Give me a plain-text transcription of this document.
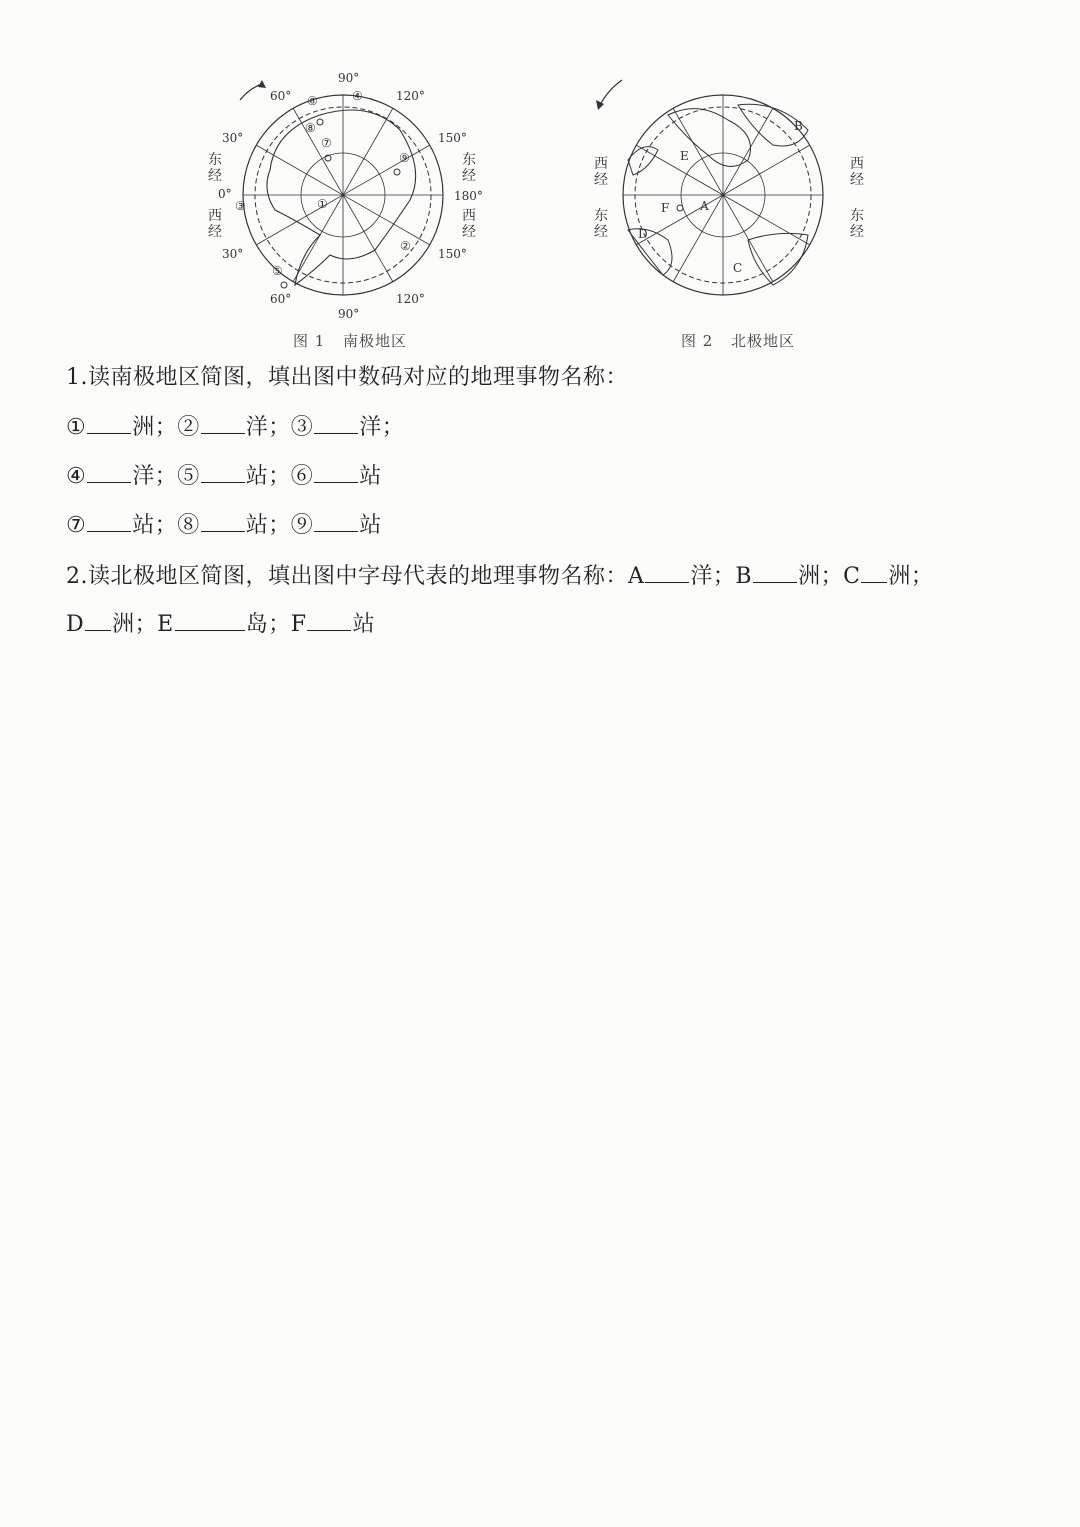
90°
120°
150°
180°
150°
120°
90°
60°
30°
0°
30°
60°
东
经
西
经
东
经
西
经
①
②
③
④
⑤
⑥
⑦
⑧
⑨
图 1 南极地区
A
B
C
D
E
F
西
经
东
经
西
经
东
经
图 2 北极地区
1.读南极地区简图，填出图中数码对应的地理事物名称：
① 洲；② 洋；③ 洋；
④ 洋；⑤ 站；⑥ 站
⑦ 站；⑧ 站；⑨ 站
2.读北极地区简图，填出图中字母代表的地理事物名称：A 洋；B 洲；C 洲；
D 洲；E	岛；F 站
